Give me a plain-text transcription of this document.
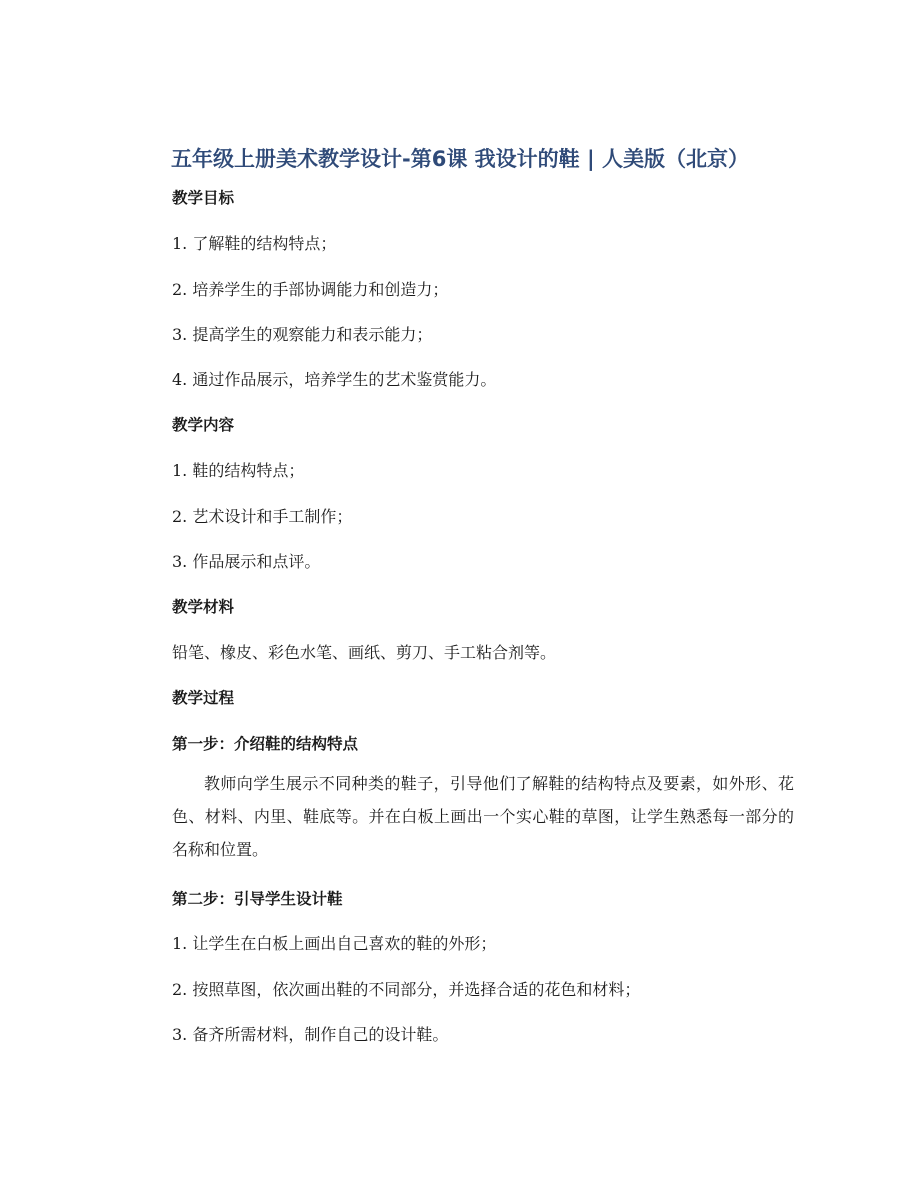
五年级上册美术教学设计-第6课 我设计的鞋 | 人美版（北京）
教学目标
1. 了解鞋的结构特点；
2. 培养学生的手部协调能力和创造力；
3. 提高学生的观察能力和表示能力；
4. 通过作品展示，培养学生的艺术鉴赏能力。
教学内容
1. 鞋的结构特点；
2. 艺术设计和手工制作；
3. 作品展示和点评。
教学材料
铅笔、橡皮、彩色水笔、画纸、剪刀、手工粘合剂等。
教学过程
第一步：介绍鞋的结构特点
教师向学生展示不同种类的鞋子，引导他们了解鞋的结构特点及要素，如外形、花色、材料、内里、鞋底等。并在白板上画出一个实心鞋的草图，让学生熟悉每一部分的名称和位置。
第二步：引导学生设计鞋
1. 让学生在白板上画出自己喜欢的鞋的外形；
2. 按照草图，依次画出鞋的不同部分，并选择合适的花色和材料；
3. 备齐所需材料，制作自己的设计鞋。
